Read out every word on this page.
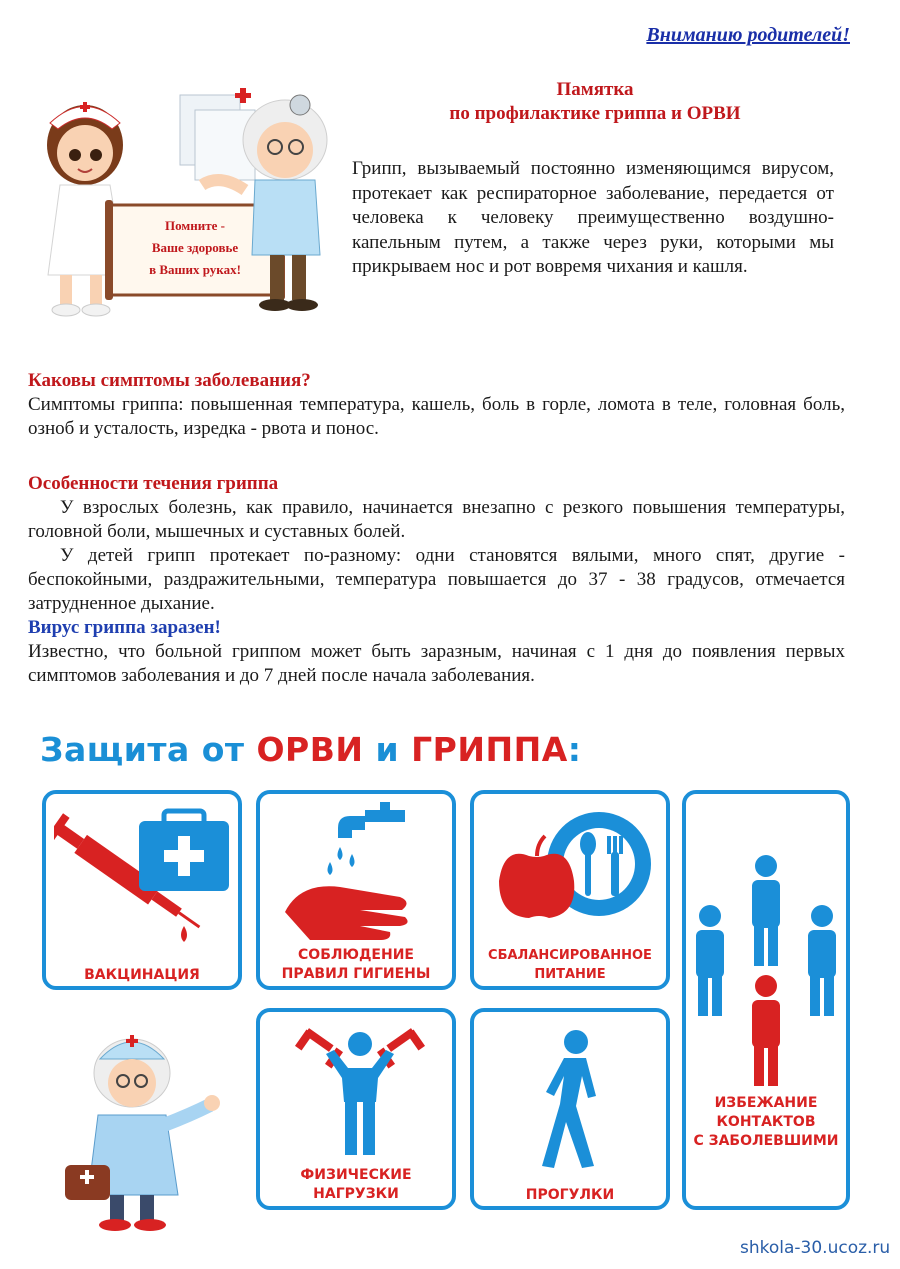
Вниманию родителей!
Памятка
по профилактике гриппа и ОРВИ
Помните -
Ваше здоровье
в Ваших руках!
Грипп, вызываемый постоянно изменяющимся вирусом, протекает как респираторное заболевание, передается от человека к человеку преимущественно воздушно-капельным путем, а также через руки, которыми мы прикрываем нос и рот вовремя чихания и кашля.
Каковы симптомы заболевания?
Симптомы гриппа: повышенная температура, кашель, боль в горле, ломота в теле, головная боль, озноб и усталость, изредка - рвота и понос.
Особенности течения гриппа
У взрослых болезнь, как правило, начинается внезапно с резкого повышения температуры, головной боли, мышечных и суставных болей.
У детей грипп протекает по-разному: одни становятся вялыми, много спят, другие - беспокойными, раздражительными, температура повышается до 37 - 38 градусов, отмечается затрудненное дыхание.
Вирус гриппа заразен!
Известно, что больной гриппом может быть заразным, начиная с 1 дня до появления первых симптомов заболевания и до 7 дней после начала заболевания.
Защита от ОРВИ и ГРИППА:
ВАКЦИНАЦИЯ
СОБЛЮДЕНИЕ
ПРАВИЛ ГИГИЕНЫ
СБАЛАНСИРОВАННОЕ
ПИТАНИЕ
ИЗБЕЖАНИЕ
КОНТАКТОВ
С ЗАБОЛЕВШИМИ
ФИЗИЧЕСКИЕ
НАГРУЗКИ	ПРОГУЛКИ
shkola-30.ucoz.ru
